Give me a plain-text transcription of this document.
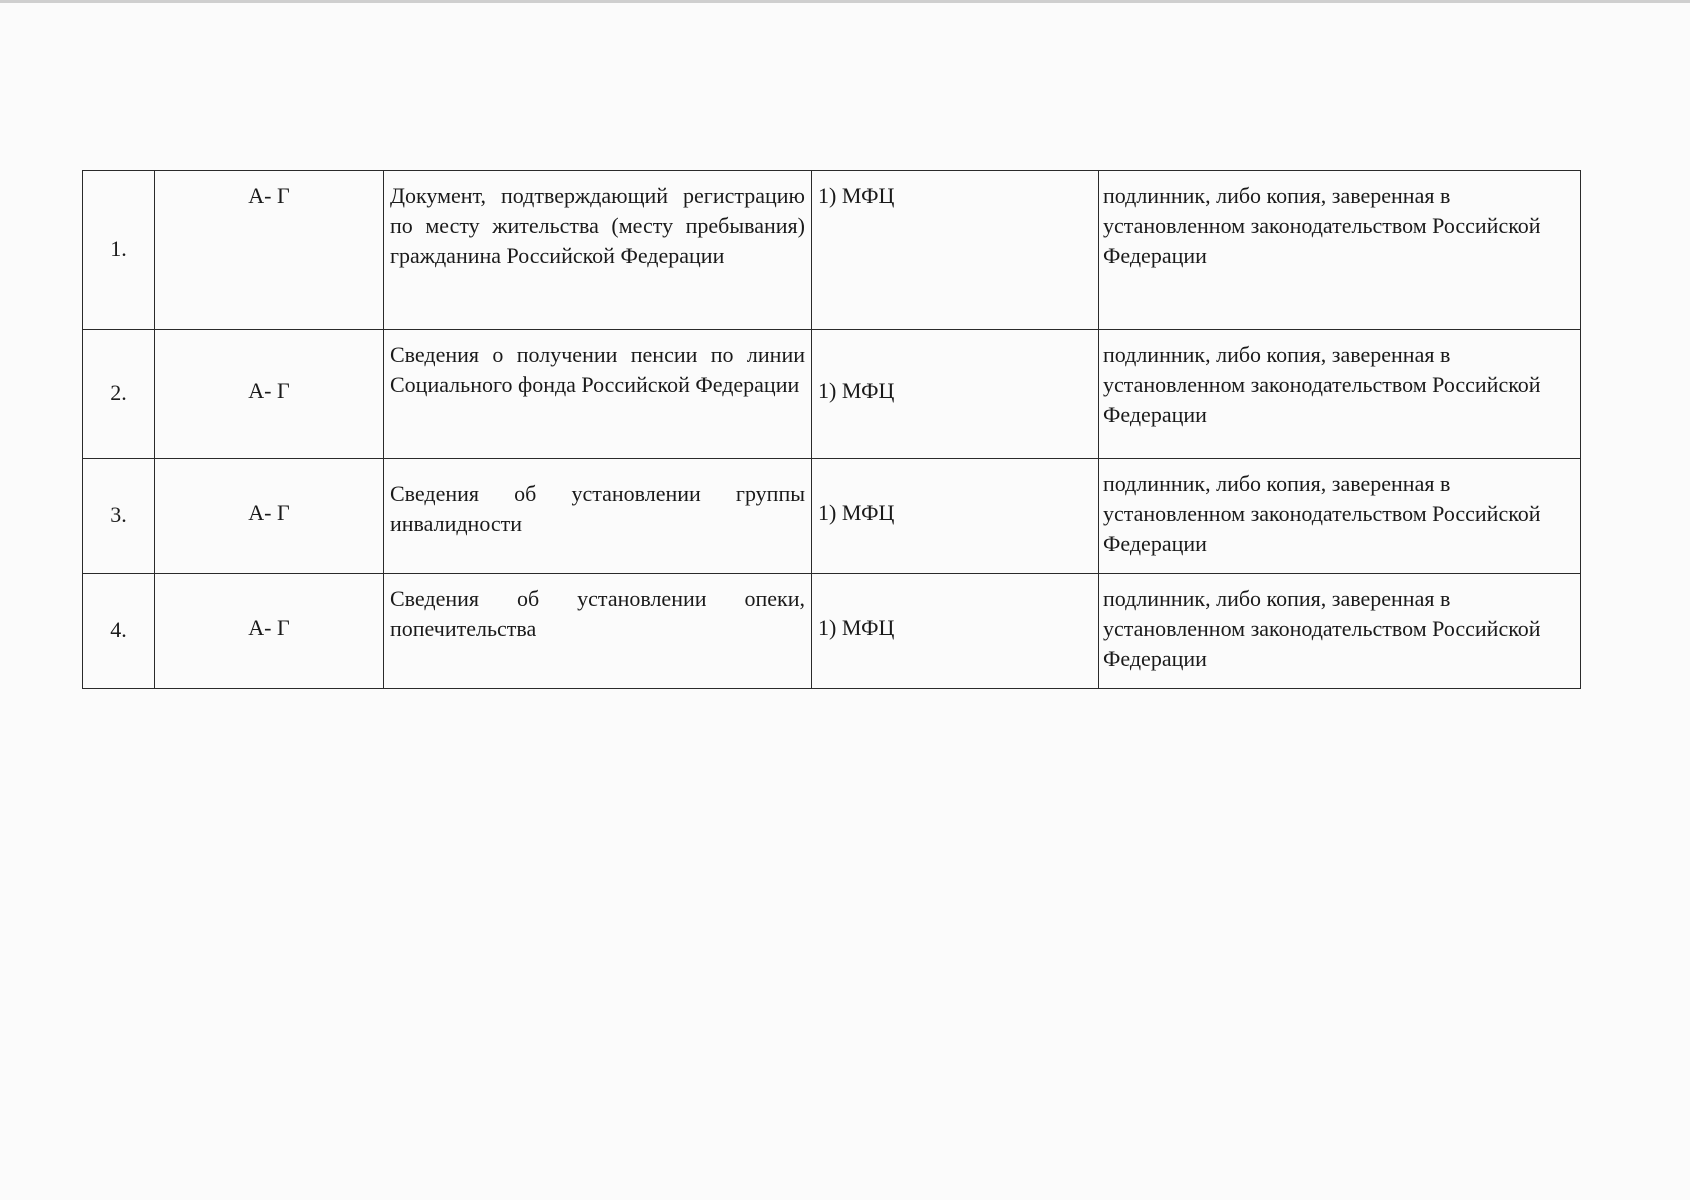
1.	А- Г	Документ, подтверждающий регистрацию по месту жительства (месту пребывания) гражданина Российской Федерации	1) МФЦ	подлинник, либо копия, заверенная в установленном законодательством Российской Федерации
2.	А- Г	Сведения о получении пенсии по линии Социального фонда Российской Федерации	1) МФЦ	подлинник, либо копия, заверенная в установленном законодательством Российской Федерации
3.	А- Г	Сведения об установлении группы инвалидности	1) МФЦ	подлинник, либо копия, заверенная в установленном законодательством Российской Федерации
4.	А- Г	Сведения об установлении опеки, попечительства	1) МФЦ	подлинник, либо копия, заверенная в установленном законодательством Российской Федерации
